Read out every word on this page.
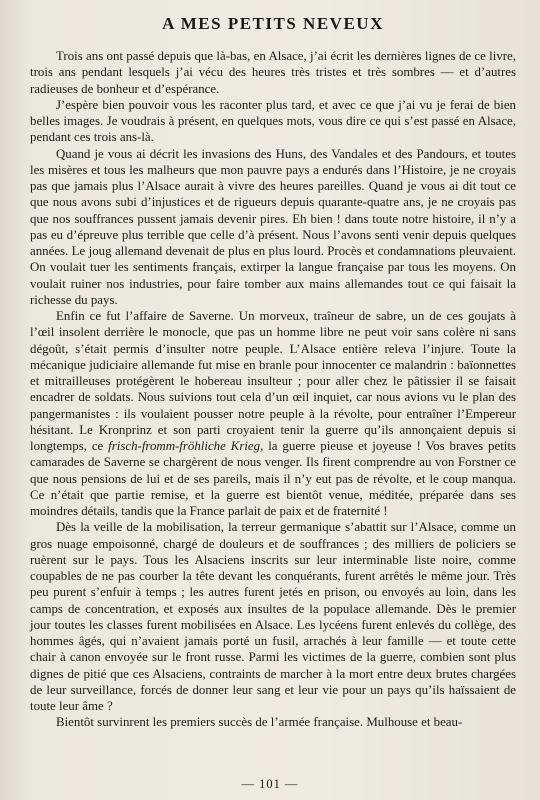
A MES PETITS NEVEUX

Trois ans ont passé depuis que là-bas, en Alsace, j’ai écrit les dernières lignes de ce livre, trois ans pendant lesquels j’ai vécu des heures très tristes et très sombres — et d’autres radieuses de bonheur et d’espérance.

J’espère bien pouvoir vous les raconter plus tard, et avec ce que j’ai vu je ferai de bien belles images. Je voudrais à présent, en quelques mots, vous dire ce qui s’est passé en Alsace, pendant ces trois ans-là.

Quand je vous ai décrit les invasions des Huns, des Vandales et des Pandours, et toutes les misères et tous les malheurs que mon pauvre pays a endurés dans l’Histoire, je ne croyais pas que jamais plus l’Alsace aurait à vivre des heures pareilles. Quand je vous ai dit tout ce que nous avons subi d’injustices et de rigueurs depuis quarante-quatre ans, je ne croyais pas que nos souffrances pussent jamais devenir pires. Eh bien ! dans toute notre histoire, il n’y a pas eu d’épreuve plus terrible que celle d’à présent. Nous l’avons senti venir depuis quelques années. Le joug allemand devenait de plus en plus lourd. Procès et condamnations pleuvaient. On voulait tuer les sentiments français, extirper la langue française par tous les moyens. On voulait ruiner nos industries, pour faire tomber aux mains allemandes tout ce qui faisait la richesse du pays.

Enfin ce fut l’affaire de Saverne. Un morveux, traîneur de sabre, un de ces goujats à l’œil insolent derrière le monocle, que pas un homme libre ne peut voir sans colère ni sans dégoût, s’était permis d’insulter notre peuple. L’Alsace entière releva l’injure. Toute la mécanique judiciaire allemande fut mise en branle pour innocenter ce malandrin : baïonnettes et mitrailleuses protégèrent le hobereau insulteur ; pour aller chez le pâtissier il se faisait encadrer de soldats. Nous suivions tout cela d’un œil inquiet, car nous avions vu le plan des pangermanistes : ils voulaient pousser notre peuple à la révolte, pour entraîner l’Empereur hésitant. Le Kronprinz et son parti croyaient tenir la guerre qu’ils annonçaient depuis si longtemps, ce frisch-fromm-fröhliche Krieg, la guerre pieuse et joyeuse ! Vos braves petits camarades de Saverne se chargèrent de nous venger. Ils firent comprendre au von Forstner ce que nous pensions de lui et de ses pareils, mais il n’y eut pas de révolte, et le coup manqua. Ce n’était que partie remise, et la guerre est bientôt venue, méditée, préparée dans ses moindres détails, tandis que la France parlait de paix et de fraternité !

Dès la veille de la mobilisation, la terreur germanique s’abattit sur l’Alsace, comme un gros nuage empoisonné, chargé de douleurs et de souffrances ; des milliers de policiers se ruèrent sur le pays. Tous les Alsaciens inscrits sur leur interminable liste noire, comme coupables de ne pas courber la tête devant les conquérants, furent arrêtés le même jour. Très peu purent s’enfuir à temps ; les autres furent jetés en prison, ou envoyés au loin, dans les camps de concentration, et exposés aux insultes de la populace allemande. Dès le premier jour toutes les classes furent mobilisées en Alsace. Les lycéens furent enlevés du collège, des hommes âgés, qui n’avaient jamais porté un fusil, arrachés à leur famille — et toute cette chair à canon envoyée sur le front russe. Parmi les victimes de la guerre, combien sont plus dignes de pitié que ces Alsaciens, contraints de marcher à la mort entre deux brutes chargées de leur surveillance, forcés de donner leur sang et leur vie pour un pays qu’ils haïssaient de toute leur âme ?

Bientôt survinrent les premiers succès de l’armée française. Mulhouse et beau-

— 101 —
